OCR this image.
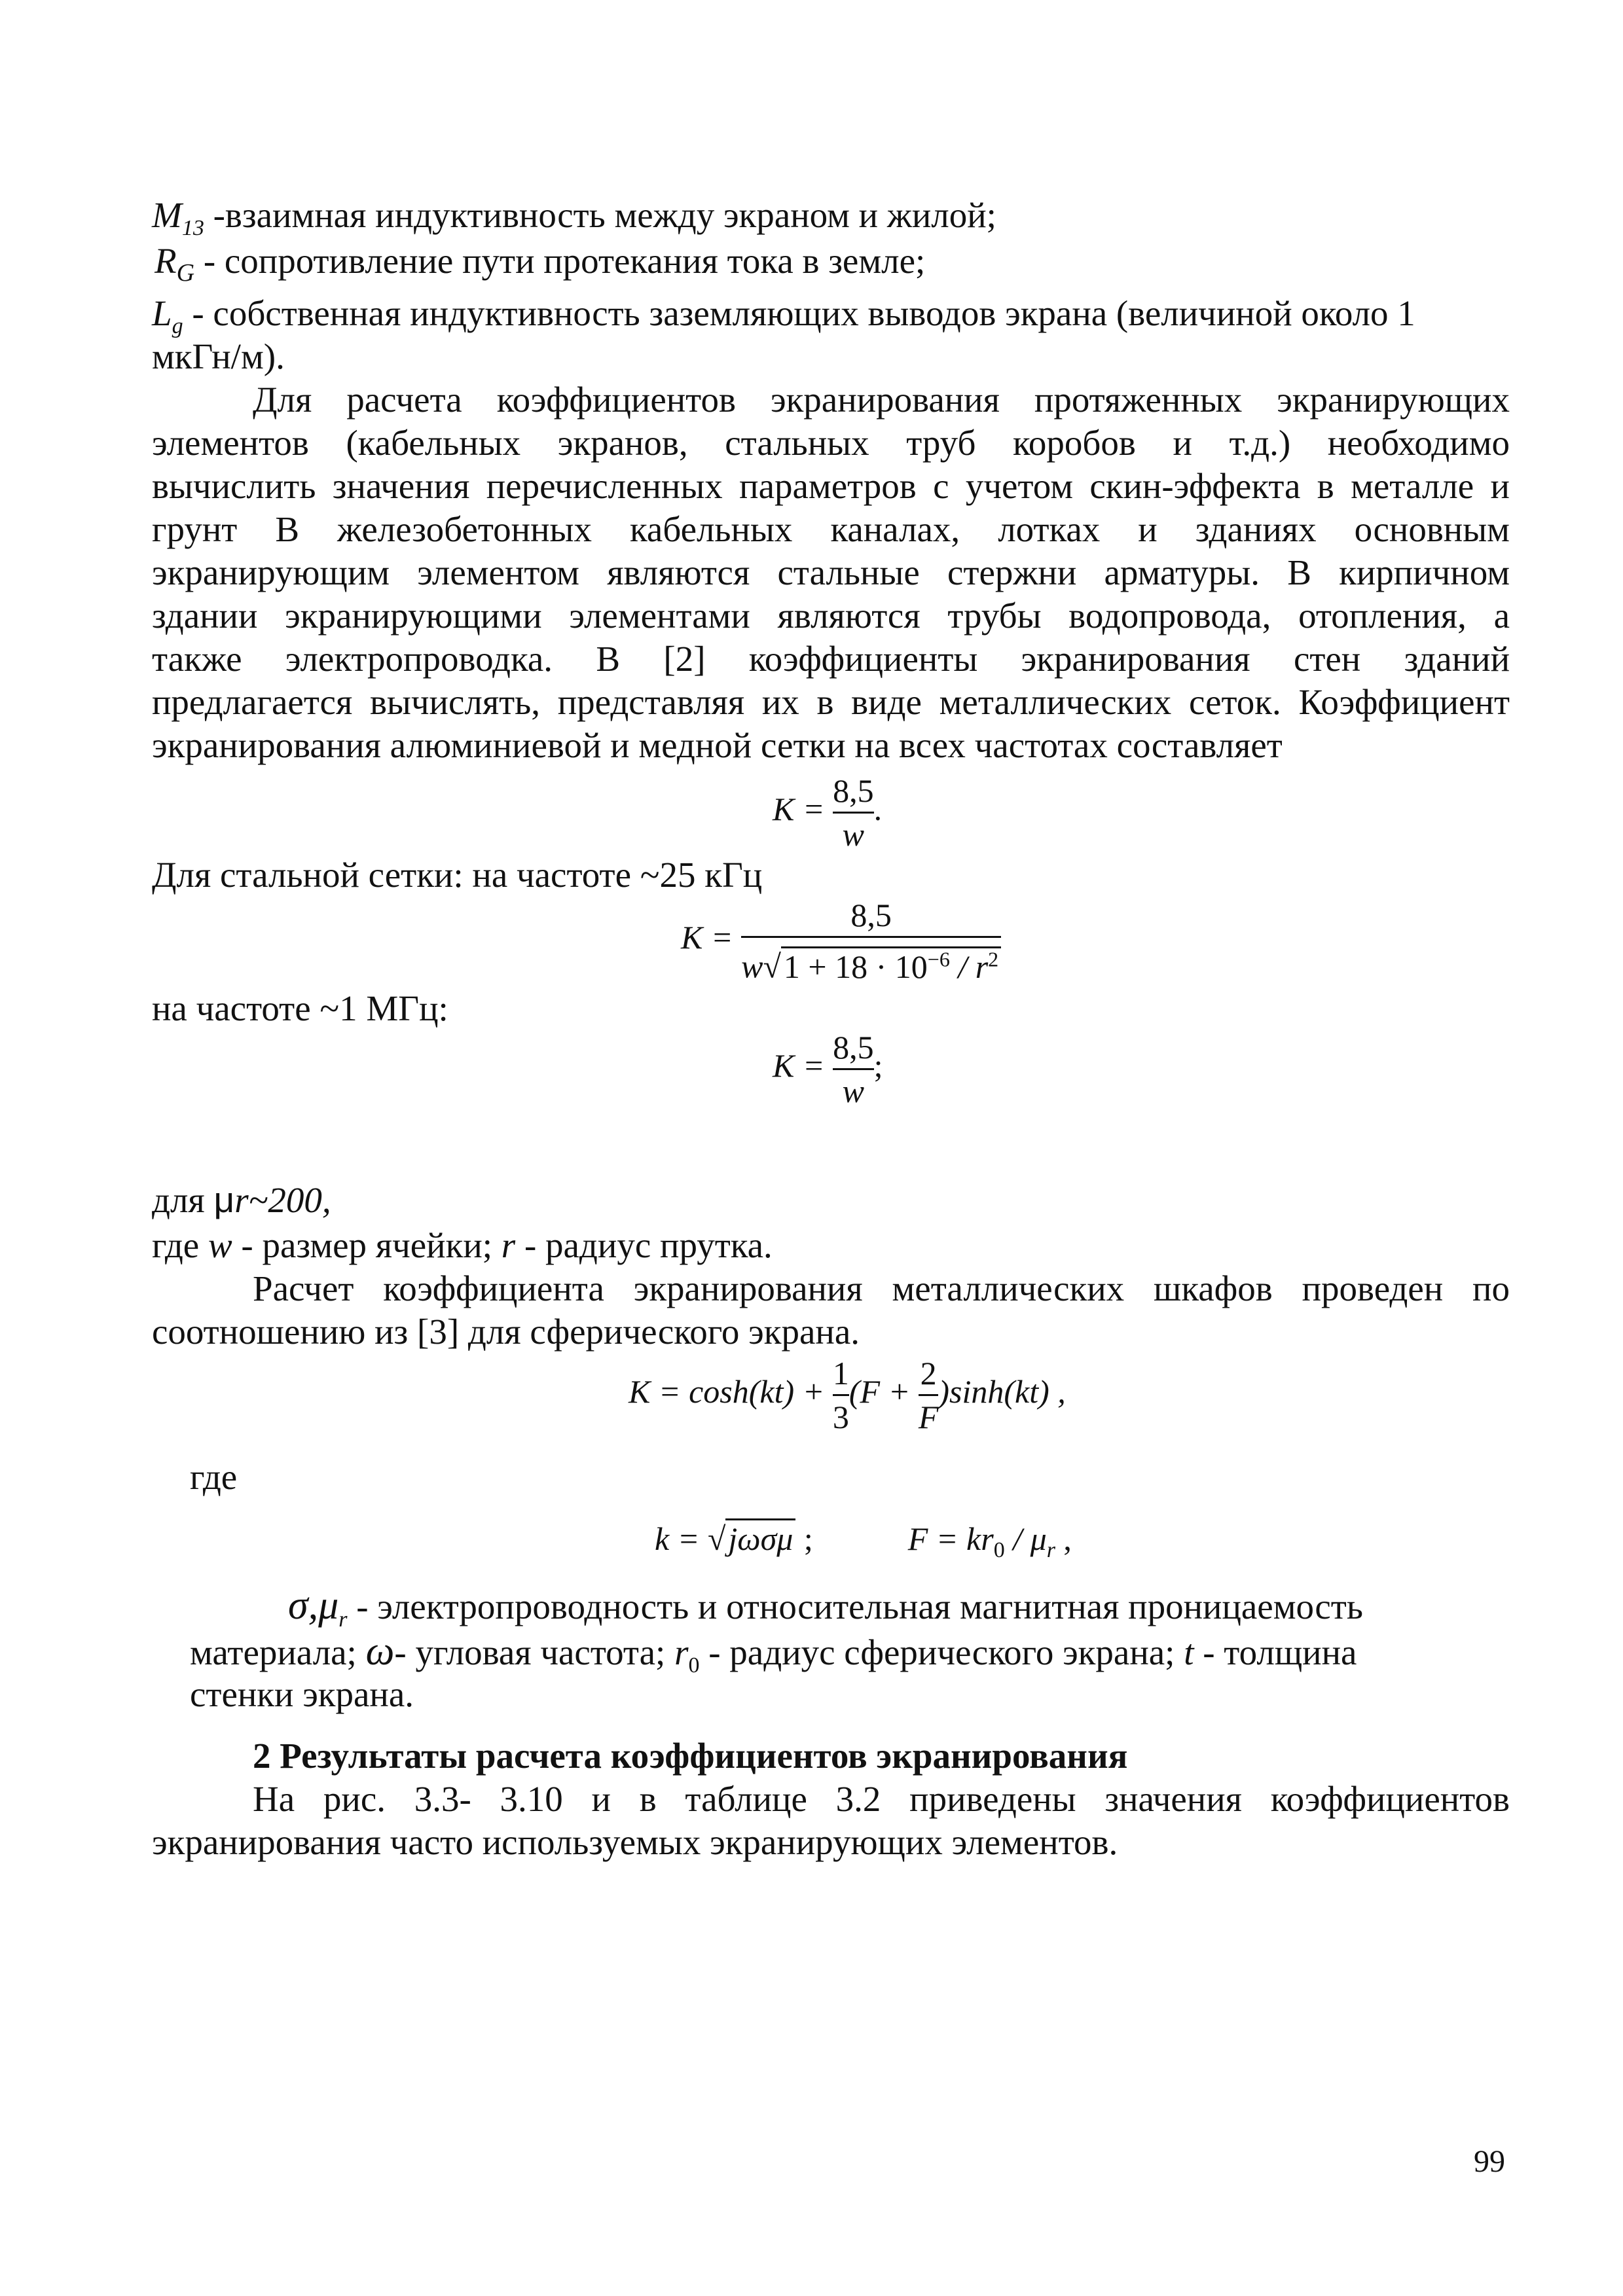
$M_{13}$ -взаимная индуктивность между экраном и жилой;
$R_G$ - сопротивление пути протекания тока в земле;
$L_g$ - собственная индуктивность заземляющих выводов экрана (величиной около 1
мкГн/м).
Для расчета коэффициентов экранирования протяженных экранирующих
элементов (кабельных экранов, стальных труб коробов и т.д.) необходимо
вычислить значения перечисленных параметров с учетом скин-эффекта в металле и
грунт В железобетонных кабельных каналах, лотках и зданиях основным
экранирующим элементом являются стальные стержни арматуры. В кирпичном
здании экранирующими элементами являются трубы водопровода, отопления, а
также электропроводка. В [2] коэффициенты экранирования стен зданий
предлагается вычислять, представляя их в виде металлических сеток. Коэффициент
экранирования алюминиевой и медной сетки на всех частотах составляет
$K = \frac{8,5}{w}$ .
Для стальной сетки: на частоте ~25 кГц
$K = \frac{8,5}{w√1 + 18 \cdot 10^{-6} / r^2}$
на частоте ~1 МГц:
$K = \frac{8,5}{w}$ ;
для μr~200,
где w - размер ячейки; r - радиус прутка.
Расчет коэффициента экранирования металлических шкафов проведен по
соотношению из [3] для сферического экрана.
$K = \cosh(kt) + \frac{1}{3} (F + \frac{2}{F} )\sinh(kt)$ ,
где
k = √jωσμ ;	$F = kr_0 / \mu_r$ ,
$\sigma,\mu_r$ - электропроводность и относительная магнитная проницаемость
материала; ω- угловая частота; $r_0$ - радиус сферического экрана; t - толщина
стенки экрана.
2 Результаты расчета коэффициентов экранирования
На рис. 3.3- 3.10 и в таблице 3.2 приведены значения коэффициентов
экранирования часто используемых экранирующих элементов.
99
